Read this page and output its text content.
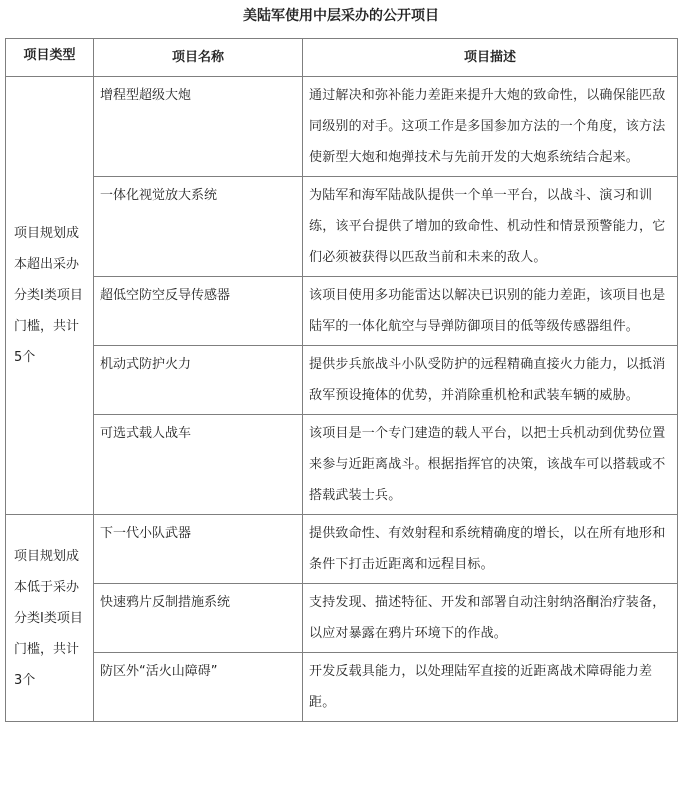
美陆军使用中层采办的公开项目
项目类型	项目名称	项目描述
项目规划成本超出采办分类Ⅰ类项目门槛，共计5个	增程型超级大炮	通过解决和弥补能力差距来提升大炮的致命性，以确保能匹敌同级别的对手。这项工作是多国参加方法的一个角度，该方法使新型大炮和炮弹技术与先前开发的大炮系统结合起来。
	一体化视觉放大系统	为陆军和海军陆战队提供一个单一平台，以战斗、演习和训练，该平台提供了增加的致命性、机动性和情景预警能力，它们必须被获得以匹敌当前和未来的敌人。
	超低空防空反导传感器	该项目使用多功能雷达以解决已识别的能力差距，该项目也是陆军的一体化航空与导弹防御项目的低等级传感器组件。
	机动式防护火力	提供步兵旅战斗小队受防护的远程精确直接火力能力，以抵消敌军预设掩体的优势，并消除重机枪和武装车辆的威胁。
	可选式载人战车	该项目是一个专门建造的载人平台，以把士兵机动到优势位置来参与近距离战斗。根据指挥官的决策，该战车可以搭载或不搭载武装士兵。
项目规划成本低于采办分类Ⅰ类项目门槛，共计3个	下一代小队武器	提供致命性、有效射程和系统精确度的增长，以在所有地形和条件下打击近距离和远程目标。
	快速鸦片反制措施系统	支持发现、描述特征、开发和部署自动注射纳洛酮治疗装备，以应对暴露在鸦片环境下的作战。
	防区外“活火山障碍”	开发反载具能力，以处理陆军直接的近距离战术障碍能力差距。
